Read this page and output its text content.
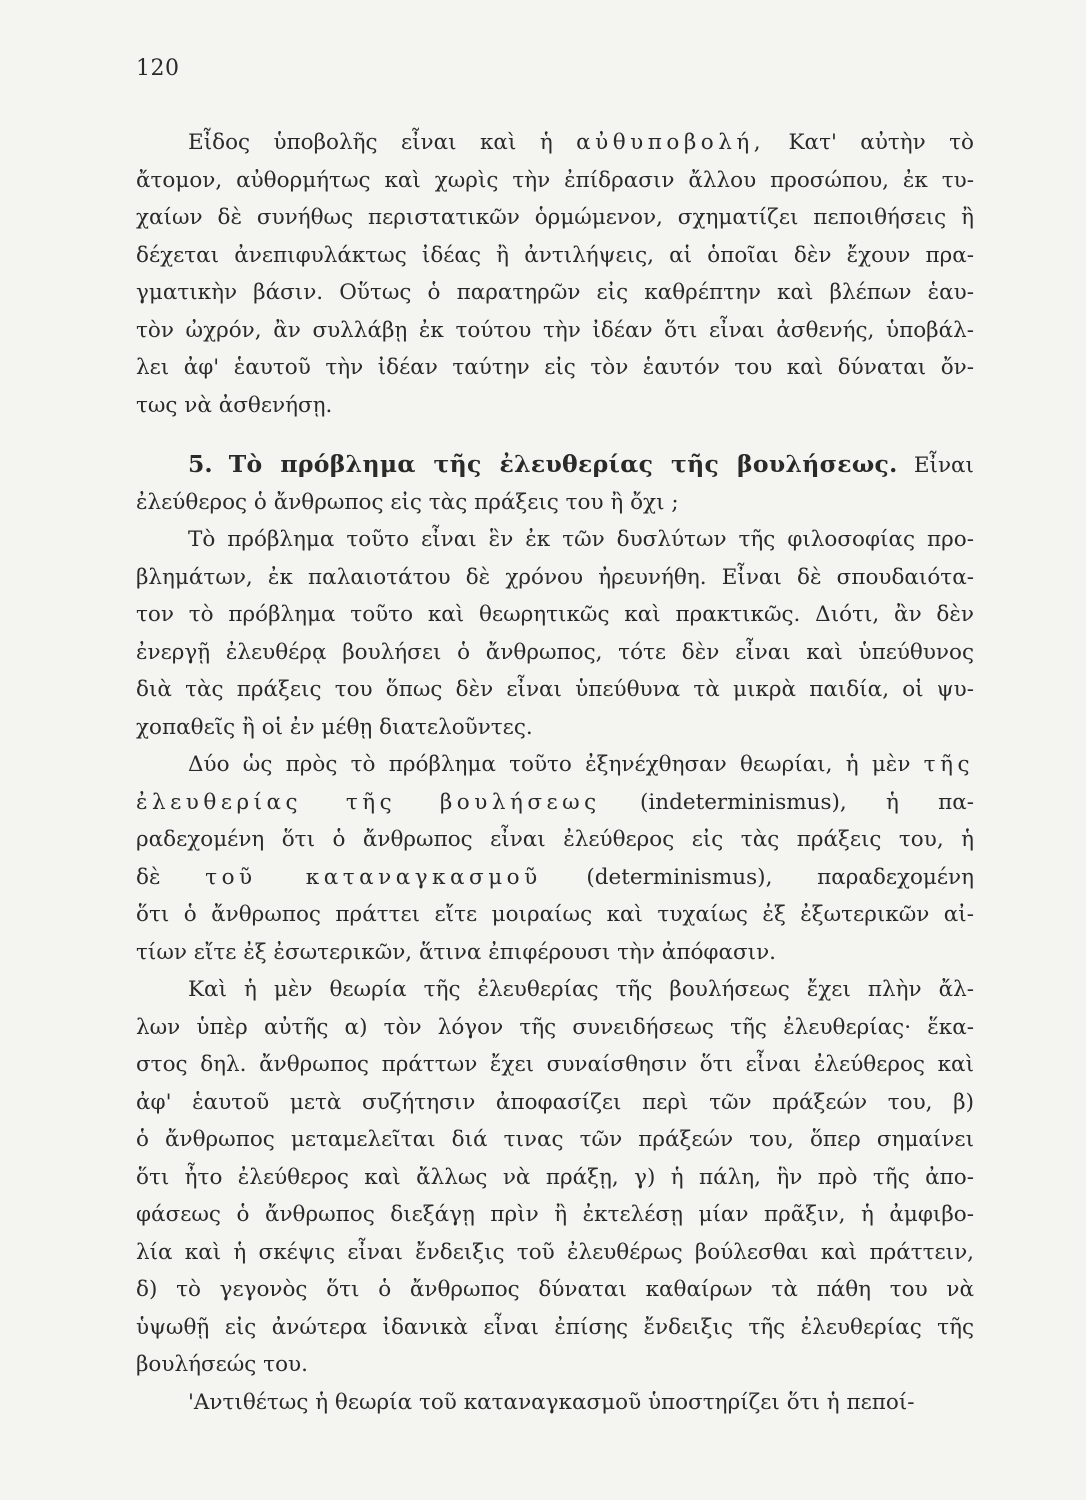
120
Εἶδος ὑποβολῆς εἶναι καὶ ἡ αὐθυποβολή, Κατ' αὐτὴν τὸ
ἄτομον, αὐθορμήτως καὶ χωρὶς τὴν ἐπίδρασιν ἄλλου προσώπου, ἐκ τυ-
χαίων δὲ συνήθως περιστατικῶν ὁρμώμενον, σχηματίζει πεποιθήσεις ἢ
δέχεται ἀνεπιφυλάκτως ἰδέας ἢ ἀντιλήψεις, αἱ ὁποῖαι δὲν ἔχουν πρα-
γματικὴν βάσιν. Οὕτως ὁ παρατηρῶν εἰς καθρέπτην καὶ βλέπων ἑαυ-
τὸν ὠχρόν, ἂν συλλάβῃ ἐκ τούτου τὴν ἰδέαν ὅτι εἶναι ἀσθενής, ὑποβάλ-
λει ἀφ' ἑαυτοῦ τὴν ἰδέαν ταύτην εἰς τὸν ἑαυτόν του καὶ δύναται ὄν-
τως νὰ ἀσθενήσῃ.
5. Τὸ πρόβλημα τῆς ἐλευθερίας τῆς βουλήσεως. Εἶναι
ἐλεύθερος ὁ ἄνθρωπος εἰς τὰς πράξεις του ἢ ὄχι ;
Τὸ πρόβλημα τοῦτο εἶναι ἓν ἐκ τῶν δυσλύτων τῆς φιλοσοφίας προ-
βλημάτων, ἐκ παλαιοτάτου δὲ χρόνου ἠρευνήθη. Εἶναι δὲ σπουδαιότα-
τον τὸ πρόβλημα τοῦτο καὶ θεωρητικῶς καὶ πρακτικῶς. Διότι, ἂν δὲν
ἐνεργῇ ἐλευθέρᾳ βουλήσει ὁ ἄνθρωπος, τότε δὲν εἶναι καὶ ὑπεύθυνος
διὰ τὰς πράξεις του ὅπως δὲν εἶναι ὑπεύθυνα τὰ μικρὰ παιδία, οἱ ψυ-
χοπαθεῖς ἢ οἱ ἐν μέθῃ διατελοῦντες.
Δύο ὡς πρὸς τὸ πρόβλημα τοῦτο ἐξηνέχθησαν θεωρίαι, ἡ μὲν τῆς
ἐλευθερίας τῆς βουλήσεως (indeterminismus), ἡ πα-
ραδεχομένη ὅτι ὁ ἄνθρωπος εἶναι ἐλεύθερος εἰς τὰς πράξεις του, ἡ
δὲ τοῦ καταναγκασμοῦ (determinismus), παραδεχομένη
ὅτι ὁ ἄνθρωπος πράττει εἴτε μοιραίως καὶ τυχαίως ἐξ ἐξωτερικῶν αἰ-
τίων εἴτε ἐξ ἐσωτερικῶν, ἅτινα ἐπιφέρουσι τὴν ἀπόφασιν.
Καὶ ἡ μὲν θεωρία τῆς ἐλευθερίας τῆς βουλήσεως ἔχει πλὴν ἄλ-
λων ὑπὲρ αὐτῆς α) τὸν λόγον τῆς συνειδήσεως τῆς ἐλευθερίας· ἕκα-
στος δηλ. ἄνθρωπος πράττων ἔχει συναίσθησιν ὅτι εἶναι ἐλεύθερος καὶ
ἀφ' ἑαυτοῦ μετὰ συζήτησιν ἀποφασίζει περὶ τῶν πράξεών του, β)
ὁ ἄνθρωπος μεταμελεῖται διά τινας τῶν πράξεών του, ὅπερ σημαίνει
ὅτι ἦτο ἐλεύθερος καὶ ἄλλως νὰ πράξῃ, γ) ἡ πάλη, ἣν πρὸ τῆς ἀπο-
φάσεως ὁ ἄνθρωπος διεξάγῃ πρὶν ἢ ἐκτελέσῃ μίαν πρᾶξιν, ἡ ἀμφιβο-
λία καὶ ἡ σκέψις εἶναι ἔνδειξις τοῦ ἐλευθέρως βούλεσθαι καὶ πράττειν,
δ) τὸ γεγονὸς ὅτι ὁ ἄνθρωπος δύναται καθαίρων τὰ πάθη του νὰ
ὑψωθῇ εἰς ἀνώτερα ἰδανικὰ εἶναι ἐπίσης ἔνδειξις τῆς ἐλευθερίας τῆς
βουλήσεώς του.
'Αντιθέτως ἡ θεωρία τοῦ καταναγκασμοῦ ὑποστηρίζει ὅτι ἡ πεποί-
